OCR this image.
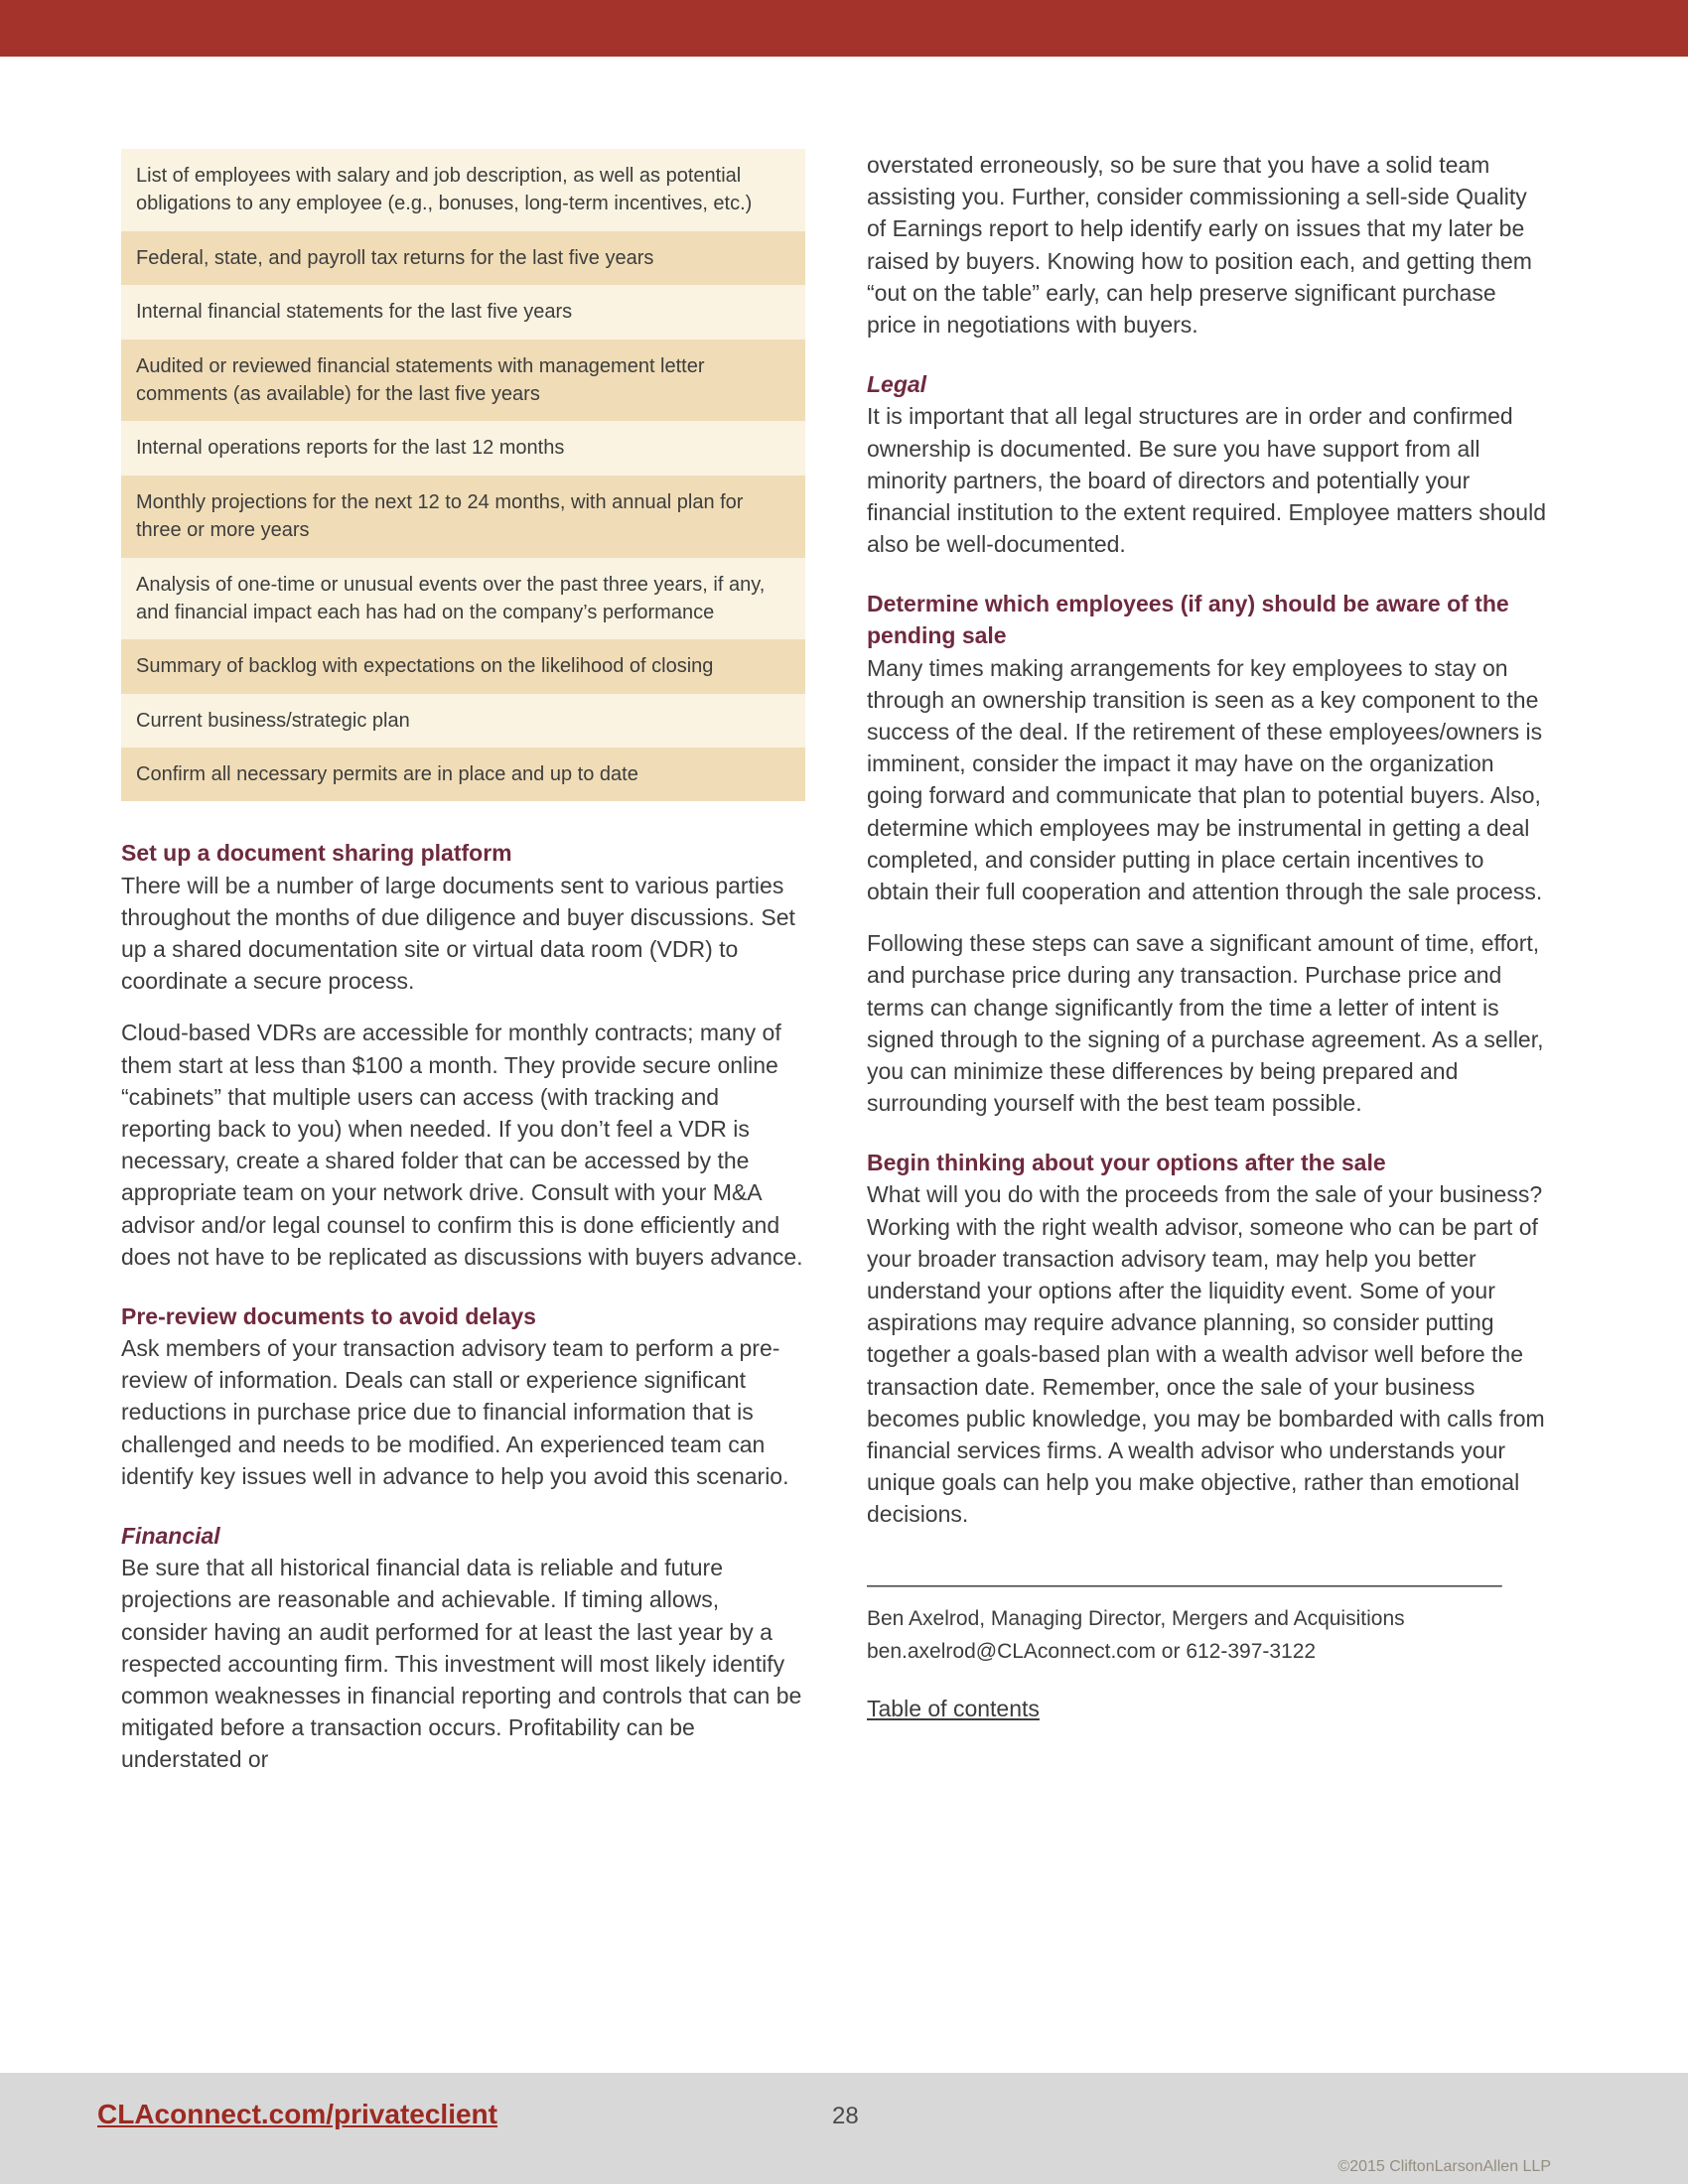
List of employees with salary and job description, as well as potential obligations to any employee (e.g., bonuses, long-term incentives, etc.)
Federal, state, and payroll tax returns for the last five years
Internal financial statements for the last five years
Audited or reviewed financial statements with management letter comments (as available) for the last five years
Internal operations reports for the last 12 months
Monthly projections for the next 12 to 24 months, with annual plan for three or more years
Analysis of one-time or unusual events over the past three years, if any, and financial impact each has had on the company’s performance
Summary of backlog with expectations on the likelihood of closing
Current business/strategic plan
Confirm all necessary permits are in place and up to date
Set up a document sharing platform

There will be a number of large documents sent to various parties throughout the months of due diligence and buyer discussions. Set up a shared documentation site or virtual data room (VDR) to coordinate a secure process.

Cloud-based VDRs are accessible for monthly contracts; many of them start at less than $100 a month. They provide secure online “cabinets” that multiple users can access (with tracking and reporting back to you) when needed. If you don’t feel a VDR is necessary, create a shared folder that can be accessed by the appropriate team on your network drive. Consult with your M&A advisor and/or legal counsel to confirm this is done efficiently and does not have to be replicated as discussions with buyers advance.

Pre-review documents to avoid delays

Ask members of your transaction advisory team to perform a pre-review of information. Deals can stall or experience significant reductions in purchase price due to financial information that is challenged and needs to be modified. An experienced team can identify key issues well in advance to help you avoid this scenario.

Financial

Be sure that all historical financial data is reliable and future projections are reasonable and achievable. If timing allows, consider having an audit performed for at least the last year by a respected accounting firm. This investment will most likely identify common weaknesses in financial reporting and controls that can be mitigated before a transaction occurs. Profitability can be understated or

overstated erroneously, so be sure that you have a solid team assisting you. Further, consider commissioning a sell-side Quality of Earnings report to help identify early on issues that my later be raised by buyers. Knowing how to position each, and getting them “out on the table” early, can help preserve significant purchase price in negotiations with buyers.

Legal

It is important that all legal structures are in order and confirmed ownership is documented. Be sure you have support from all minority partners, the board of directors and potentially your financial institution to the extent required. Employee matters should also be well-documented.

Determine which employees (if any) should be aware of the pending sale

Many times making arrangements for key employees to stay on through an ownership transition is seen as a key component to the success of the deal. If the retirement of these employees/owners is imminent, consider the impact it may have on the organization going forward and communicate that plan to potential buyers. Also, determine which employees may be instrumental in getting a deal completed, and consider putting in place certain incentives to obtain their full cooperation and attention through the sale process.

Following these steps can save a significant amount of time, effort, and purchase price during any transaction. Purchase price and terms can change significantly from the time a letter of intent is signed through to the signing of a purchase agreement. As a seller, you can minimize these differences by being prepared and surrounding yourself with the best team possible.

Begin thinking about your options after the sale

What will you do with the proceeds from the sale of your business? Working with the right wealth advisor, someone who can be part of your broader transaction advisory team, may help you better understand your options after the liquidity event. Some of your aspirations may require advance planning, so consider putting together a goals-based plan with a wealth advisor well before the transaction date. Remember, once the sale of your business becomes public knowledge, you may be bombarded with calls from financial services firms. A wealth advisor who understands your unique goals can help you make objective, rather than emotional decisions.

__________________________________________________

Ben Axelrod, Managing Director, Mergers and Acquisitions

ben.axelrod@CLAconnect.com or 612-397-3122

Table of contents
CLAconnect.com/privateclient	28
©2015 CliftonLarsonAllen LLP
